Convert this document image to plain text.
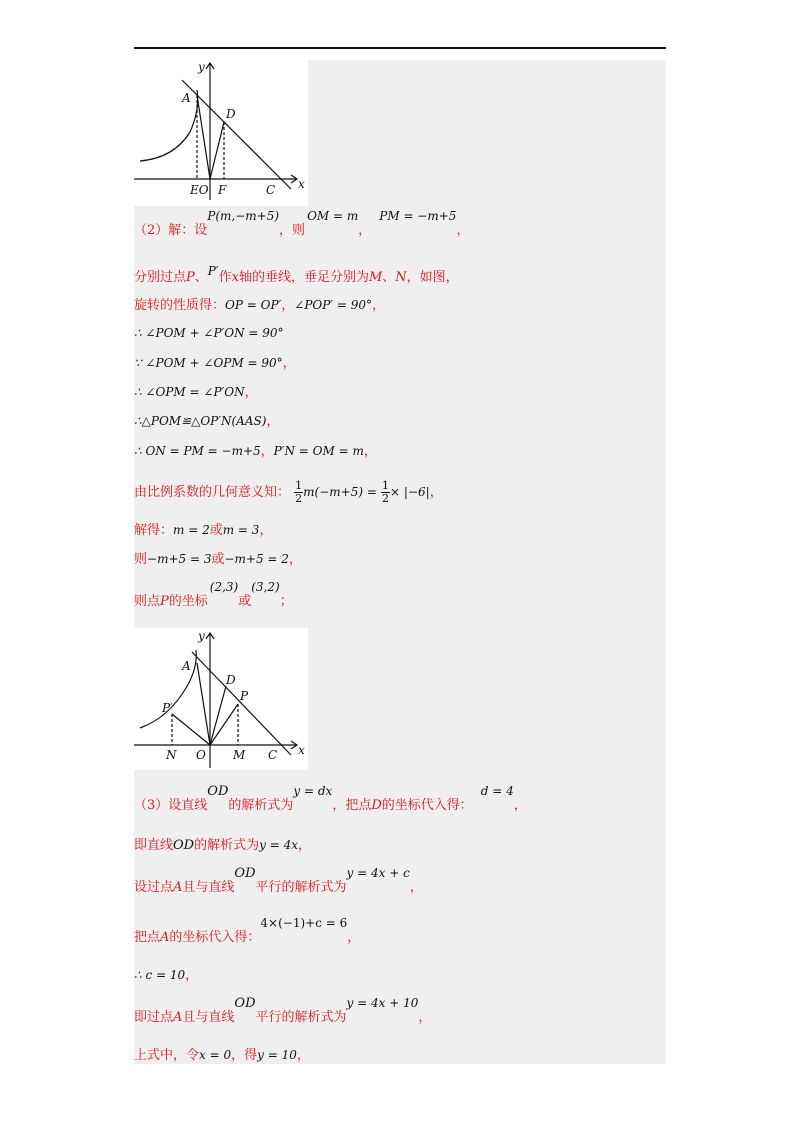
y
A
D
EO F	C x
（2）解：设P(m,−m+5)，则OM = m，PM = −m+5，
分别过点P、P′作x轴的垂线，垂足分别为M、N，如图，
旋转的性质得：OP = OP′，∠POP′ = 90°，
∴ ∠POM + ∠P′ON = 90°
∵ ∠POM + ∠OPM = 90°，
∴ ∠OPM = ∠P′ON，
∴△POM≌△OP′N(AAS)，
∴ ON = PM = −m+5，P′N = OM = m，
由比例系数的几何意义知： $\frac{1}{2} m(-m+5) = \frac{1}{2} \times |-6|$，
解得：m = 2或m = 3，
则−m+5 = 3或−m+5 = 2，
则点P的坐标(2,3)或(3,2)；
y
A
D
P
P′
N O M C x
（3）设直线OD的解析式为y = dx，把点D的坐标代入得：d = 4，
即直线OD的解析式为y = 4x，
设过点A且与直线OD平行的解析式为y = 4x + c，
把点A的坐标代入得：4×(−1)+c = 6，
∴ c = 10，
即过点A且与直线OD平行的解析式为y = 4x + 10，
上式中，令x = 0，得y = 10，
